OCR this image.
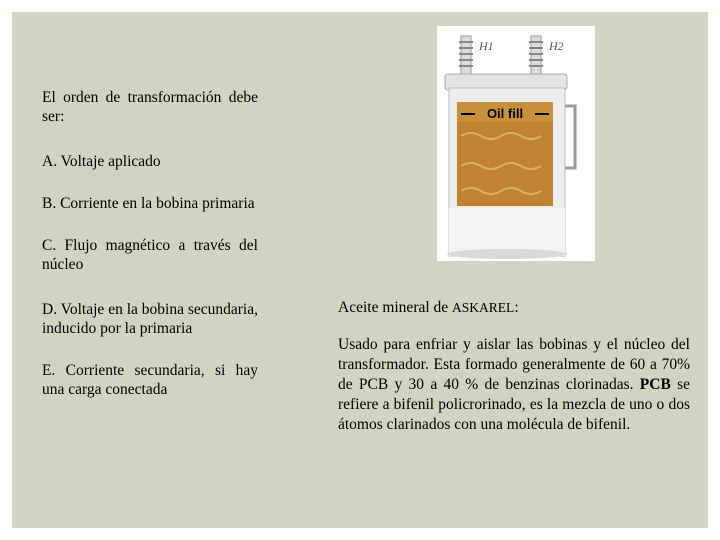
El orden de transformación debe ser:

A. Voltaje aplicado

B. Corriente en la bobina primaria

C. Flujo magnético a través del núcleo

D. Voltaje en la bobina secundaria, inducido por la primaria

E. Corriente secundaria, si hay una carga conectada

H1	H2
Oil fill

Aceite mineral de ASKAREL:

Usado para enfriar y aislar las bobinas y el núcleo del transformador. Esta formado generalmente de 60 a 70% de PCB y 30 a 40 % de benzinas clorinadas. PCB se refiere a bifenil policrorinado, es la mezcla de uno o dos átomos clarinados con una molécula de bifenil.
